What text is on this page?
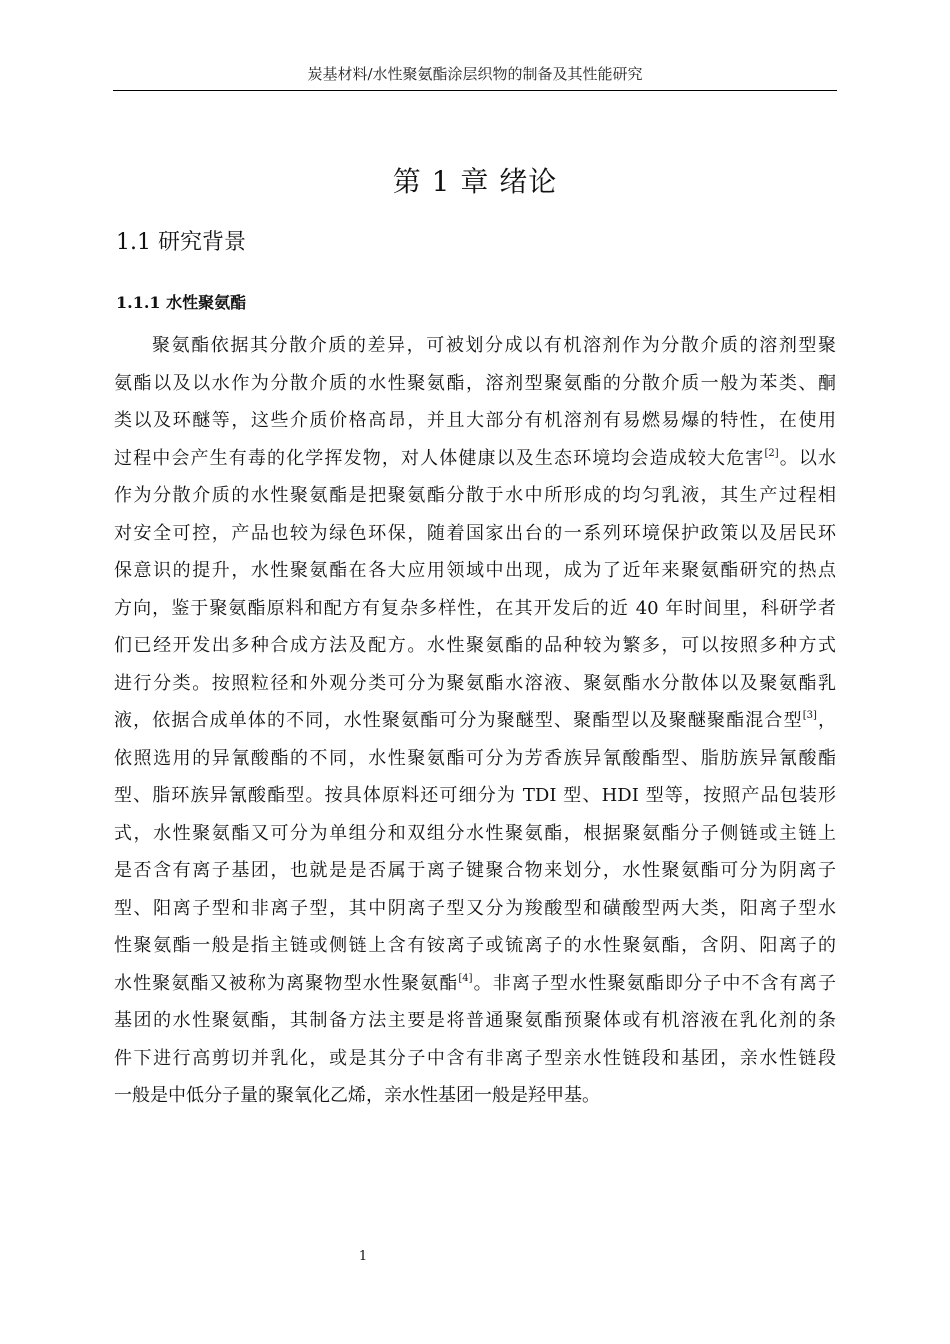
炭基材料/水性聚氨酯涂层织物的制备及其性能研究
第 1 章 绪论
1.1 研究背景
1.1.1 水性聚氨酯
聚氨酯依据其分散介质的差异，可被划分成以有机溶剂作为分散介质的溶剂型聚
氨酯以及以水作为分散介质的水性聚氨酯，溶剂型聚氨酯的分散介质一般为苯类、酮
类以及环醚等，这些介质价格高昂，并且大部分有机溶剂有易燃易爆的特性，在使用
过程中会产生有毒的化学挥发物，对人体健康以及生态环境均会造成较大危害[2]。以水
作为分散介质的水性聚氨酯是把聚氨酯分散于水中所形成的均匀乳液，其生产过程相
对安全可控，产品也较为绿色环保，随着国家出台的一系列环境保护政策以及居民环
保意识的提升，水性聚氨酯在各大应用领域中出现，成为了近年来聚氨酯研究的热点
方向，鉴于聚氨酯原料和配方有复杂多样性，在其开发后的近 40 年时间里，科研学者
们已经开发出多种合成方法及配方。水性聚氨酯的品种较为繁多，可以按照多种方式
进行分类。按照粒径和外观分类可分为聚氨酯水溶液、聚氨酯水分散体以及聚氨酯乳
液，依据合成单体的不同，水性聚氨酯可分为聚醚型、聚酯型以及聚醚聚酯混合型[3]，
依照选用的异氰酸酯的不同，水性聚氨酯可分为芳香族异氰酸酯型、脂肪族异氰酸酯
型、脂环族异氰酸酯型。按具体原料还可细分为 TDI 型、HDI 型等，按照产品包装形
式，水性聚氨酯又可分为单组分和双组分水性聚氨酯，根据聚氨酯分子侧链或主链上
是否含有离子基团，也就是是否属于离子键聚合物来划分，水性聚氨酯可分为阴离子
型、阳离子型和非离子型，其中阴离子型又分为羧酸型和磺酸型两大类，阳离子型水
性聚氨酯一般是指主链或侧链上含有铵离子或锍离子的水性聚氨酯，含阴、阳离子的
水性聚氨酯又被称为离聚物型水性聚氨酯[4]。非离子型水性聚氨酯即分子中不含有离子
基团的水性聚氨酯，其制备方法主要是将普通聚氨酯预聚体或有机溶液在乳化剂的条
件下进行高剪切并乳化，或是其分子中含有非离子型亲水性链段和基团，亲水性链段
一般是中低分子量的聚氧化乙烯，亲水性基团一般是羟甲基。
1
